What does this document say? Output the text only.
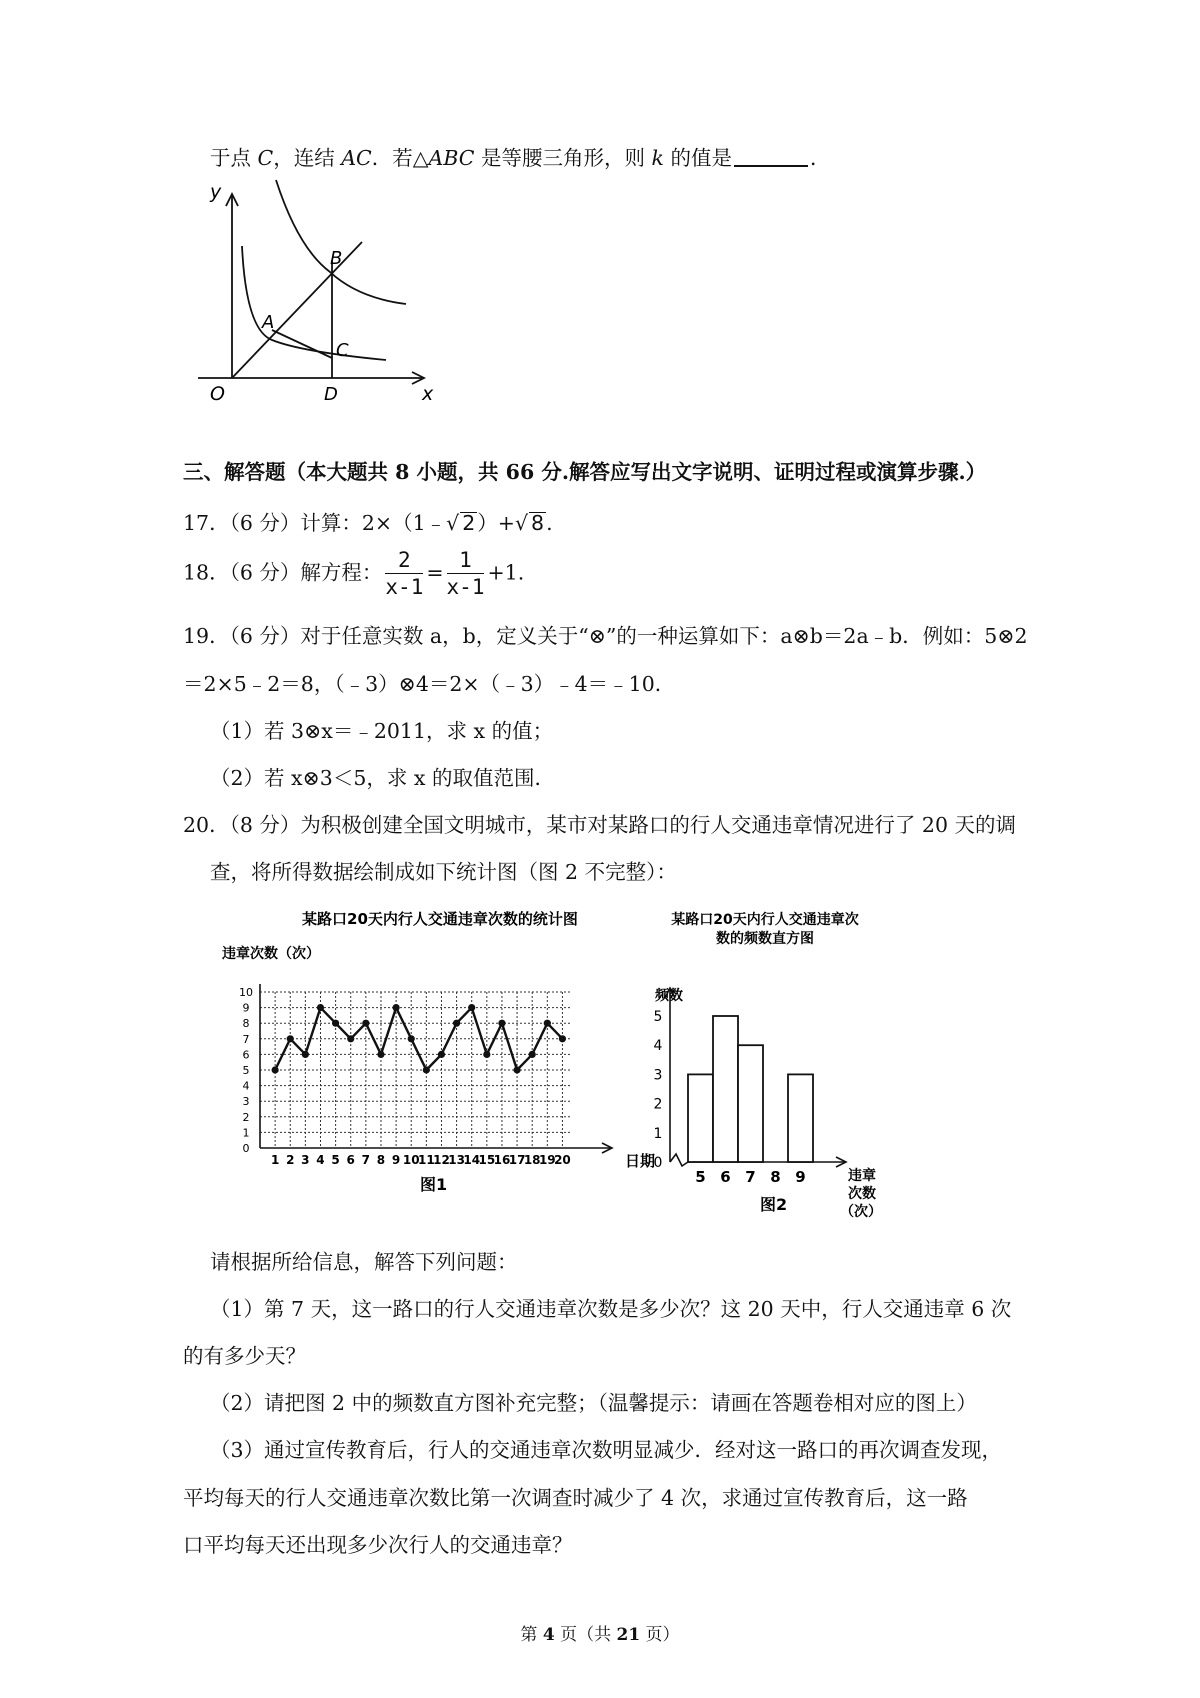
于点 C，连结 AC．若△ABC 是等腰三角形，则 k 的值是	．
y
x
O
A
B
C
D
三、解答题（本大题共 8 小题，共 66 分.解答应写出文字说明、证明过程或演算步骤.）
17．（6 分）计算：2×（1﹣√ 2）+√ 8.
18．（6 分）解方程： $\frac{2}{x-1} = \frac{1}{x-1} +1$.
19．（6 分）对于任意实数 a，b，定义关于“⊗”的一种运算如下：a⊗b＝2a﹣b．例如：5⊗2
＝2×5﹣2＝8，（﹣3）⊗4＝2×（﹣3）﹣4＝﹣10．
（1）若 3⊗x＝﹣2011，求 x 的值；
（2）若 x⊗3＜5，求 x 的取值范围．
20．（8 分）为积极创建全国文明城市，某市对某路口的行人交通违章情况进行了 20 天的调
查，将所得数据绘制成如下统计图（图 2 不完整）：
某路口20天内行人交通违章次数的统计图
违章次数（次）
0
1
2
3
4
5
6
7
8
9
10
1 2 3 4 5 6 7 8 9 10
11
12
13
14
15
16
17
18
19
20	日期
图1
某路口20天内行人交通违章次
数的频数直方图
频数
0
1
2
3
4
5
5 6 7 8 9	违章
次数
（次）
图2
请根据所给信息，解答下列问题：
（1）第 7 天，这一路口的行人交通违章次数是多少次？这 20 天中，行人交通违章 6 次
的有多少天？
（2）请把图 2 中的频数直方图补充完整；（温馨提示：请画在答题卷相对应的图上）
（3）通过宣传教育后，行人的交通违章次数明显减少．经对这一路口的再次调查发现，
平均每天的行人交通违章次数比第一次调查时减少了 4 次，求通过宣传教育后，这一路
口平均每天还出现多少次行人的交通违章？
第 4 页（共 21 页）
